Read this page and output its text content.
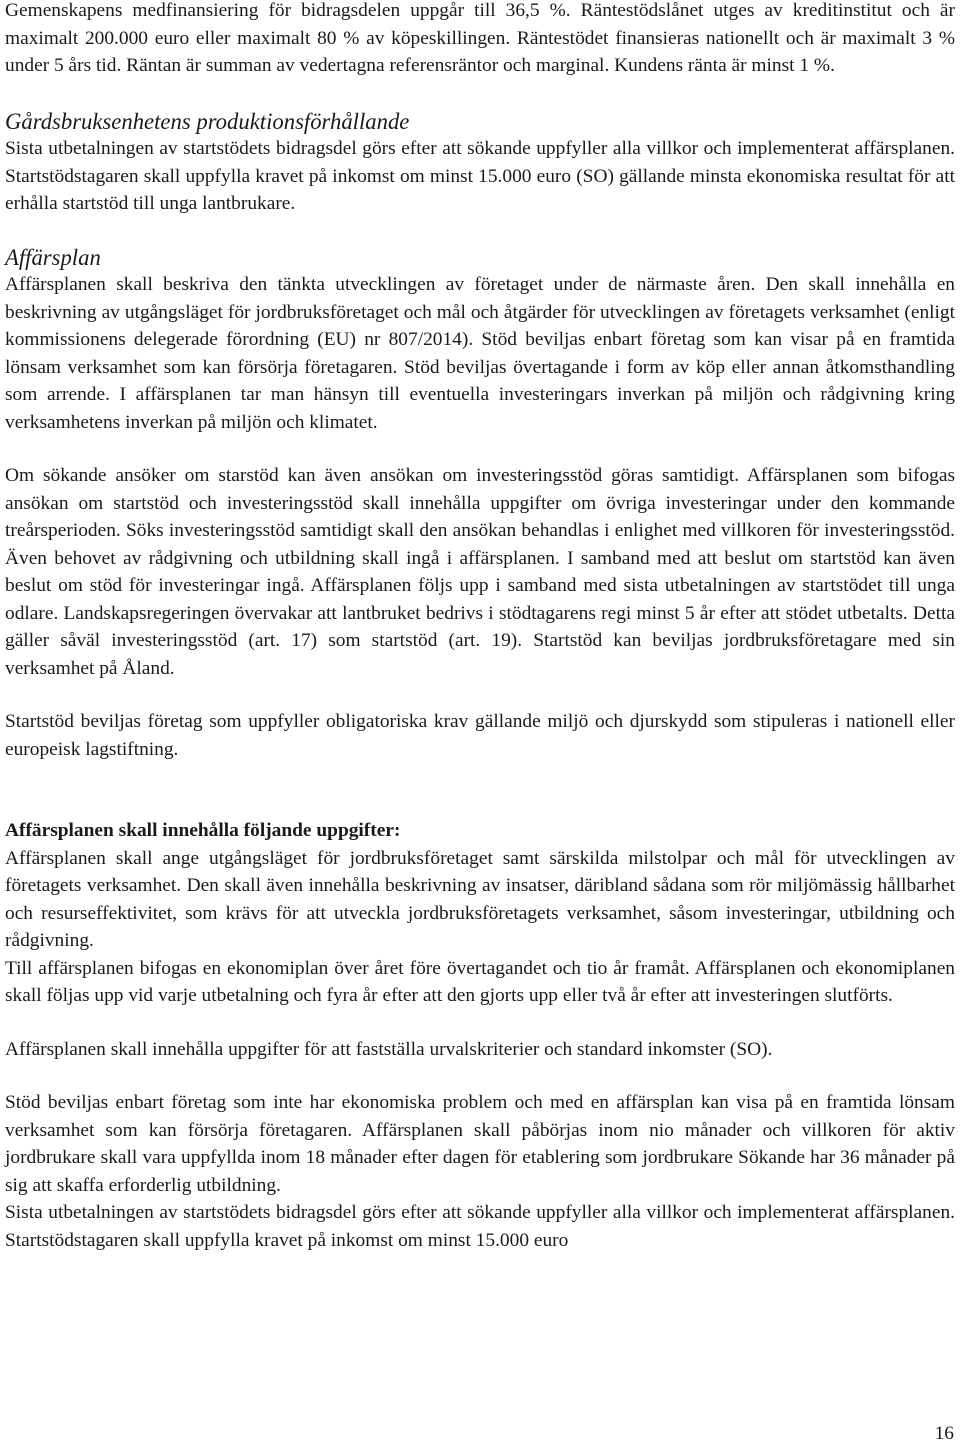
Gemenskapens medfinansiering för bidragsdelen uppgår till 36,5 %. Räntestödslånet utges av kreditinstitut och är maximalt 200.000 euro eller maximalt 80 % av köpeskillingen. Räntestödet finansieras nationellt och är maximalt 3 % under 5 års tid. Räntan är summan av vedertagna referensräntor och marginal. Kundens ränta är minst 1 %.

Gårdsbruksenhetens produktionsförhållande

Sista utbetalningen av startstödets bidragsdel görs efter att sökande uppfyller alla villkor och implementerat affärsplanen. Startstödstagaren skall uppfylla kravet på inkomst om minst 15.000 euro (SO) gällande minsta ekonomiska resultat för att erhålla startstöd till unga lantbrukare.

Affärsplan

Affärsplanen skall beskriva den tänkta utvecklingen av företaget under de närmaste åren. Den skall innehålla en beskrivning av utgångsläget för jordbruksföretaget och mål och åtgärder för utvecklingen av företagets verksamhet (enligt kommissionens delegerade förordning (EU) nr 807/2014). Stöd beviljas enbart företag som kan visar på en framtida lönsam verksamhet som kan försörja företagaren. Stöd beviljas övertagande i form av köp eller annan åtkomsthandling som arrende. I affärsplanen tar man hänsyn till eventuella investeringars inverkan på miljön och rådgivning kring verksamhetens inverkan på miljön och klimatet.

Om sökande ansöker om starstöd kan även ansökan om investeringsstöd göras samtidigt. Affärsplanen som bifogas ansökan om startstöd och investeringsstöd skall innehålla uppgifter om övriga investeringar under den kommande treårsperioden. Söks investeringsstöd samtidigt skall den ansökan behandlas i enlighet med villkoren för investeringsstöd. Även behovet av rådgivning och utbildning skall ingå i affärsplanen. I samband med att beslut om startstöd kan även beslut om stöd för investeringar ingå. Affärsplanen följs upp i samband med sista utbetalningen av startstödet till unga odlare. Landskapsregeringen övervakar att lantbruket bedrivs i stödtagarens regi minst 5 år efter att stödet utbetalts. Detta gäller såväl investeringsstöd (art. 17) som startstöd (art. 19). Startstöd kan beviljas jordbruksföretagare med sin verksamhet på Åland.

Startstöd beviljas företag som uppfyller obligatoriska krav gällande miljö och djurskydd som stipuleras i nationell eller europeisk lagstiftning.

Affärsplanen skall innehålla följande uppgifter:

Affärsplanen skall ange utgångsläget för jordbruksföretaget samt särskilda milstolpar och mål för utvecklingen av företagets verksamhet. Den skall även innehålla beskrivning av insatser, däribland sådana som rör miljömässig hållbarhet och resurseffektivitet, som krävs för att utveckla jordbruksföretagets verksamhet, såsom investeringar, utbildning och rådgivning.

Till affärsplanen bifogas en ekonomiplan över året före övertagandet och tio år framåt. Affärsplanen och ekonomiplanen skall följas upp vid varje utbetalning och fyra år efter att den gjorts upp eller två år efter att investeringen slutförts.

Affärsplanen skall innehålla uppgifter för att fastställa urvalskriterier och standard inkomster (SO).

Stöd beviljas enbart företag som inte har ekonomiska problem och med en affärsplan kan visa på en framtida lönsam verksamhet som kan försörja företagaren. Affärsplanen skall påbörjas inom nio månader och villkoren för aktiv jordbrukare skall vara uppfyllda inom 18 månader efter dagen för etablering som jordbrukare Sökande har 36 månader på sig att skaffa erforderlig utbildning.

Sista utbetalningen av startstödets bidragsdel görs efter att sökande uppfyller alla villkor och implementerat affärsplanen. Startstödstagaren skall uppfylla kravet på inkomst om minst 15.000 euro

16
